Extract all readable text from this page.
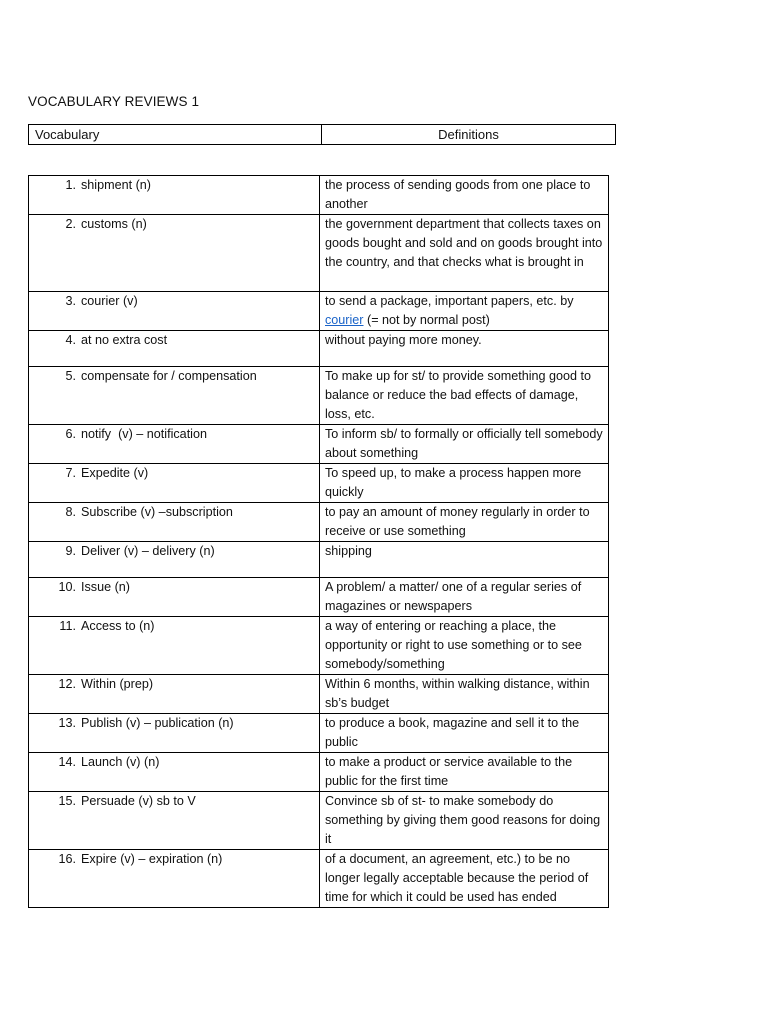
VOCABULARY REVIEWS 1
Vocabulary	Definitions
1. shipment (n)	the process of sending goods from one place to another
2. customs (n)	the government department that collects taxes on goods bought and sold and on goods brought into the country, and that checks what is brought in
3. courier (v)	to send a package, important papers, etc. by courier (= not by normal post)
4. at no extra cost	without paying more money.
5. compensate for / compensation	To make up for st/ to provide something good to balance or reduce the bad effects of damage, loss, etc.
6. notify  (v) – notification	To inform sb/ to formally or officially tell somebody about something
7. Expedite (v)	To speed up, to make a process happen more quickly
8. Subscribe (v) –subscription	to pay an amount of money regularly in order to receive or use something
9. Deliver (v) – delivery (n)	shipping
10. Issue (n)	A problem/ a matter/ one of a regular series of magazines or newspapers
11. Access to (n)	a way of entering or reaching a place, the opportunity or right to use something or to see somebody/something
12. Within (prep)	Within 6 months, within walking distance, within sb’s budget
13. Publish (v) – publication (n)	to produce a book, magazine and sell it to the public
14. Launch (v) (n)	to make a product or service available to the public for the first time
15. Persuade (v) sb to V	Convince sb of st- to make somebody do something by giving them good reasons for doing it
16. Expire (v) – expiration (n)	of a document, an agreement, etc.) to be no longer legally acceptable because the period of time for which it could be used has ended
